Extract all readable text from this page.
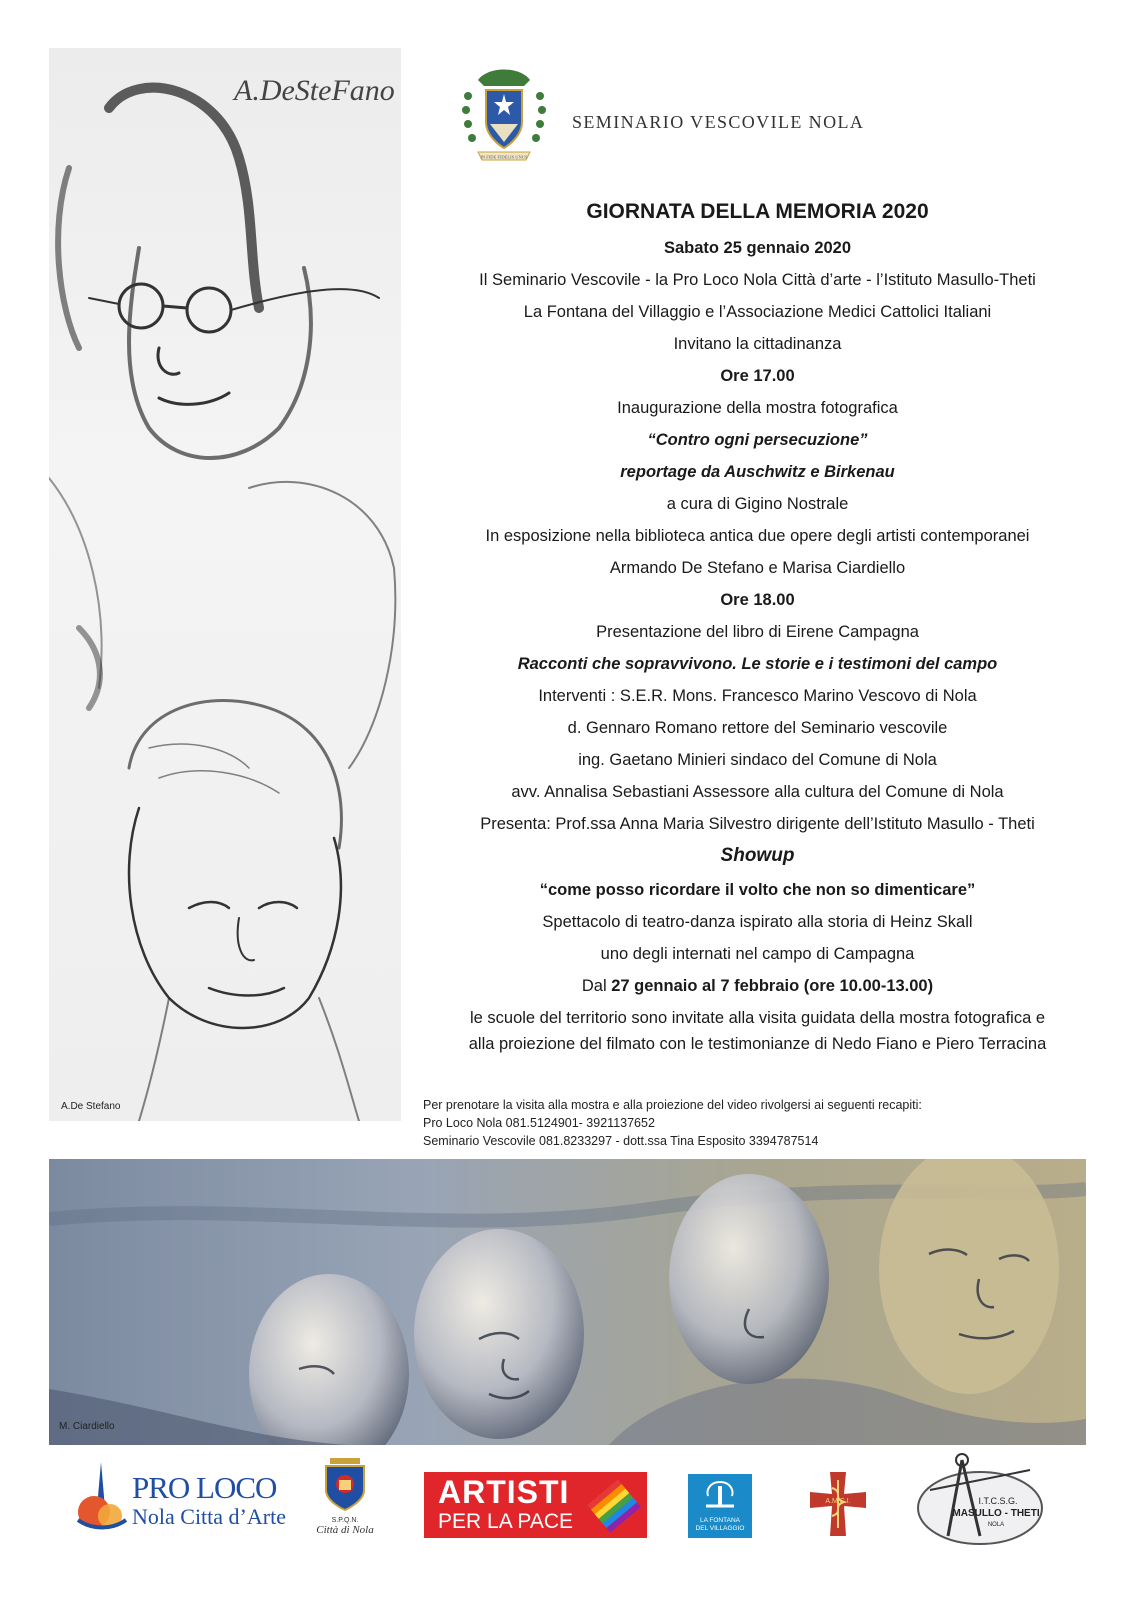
A.DeSteFano
A.De Stefano
IN FIDE FIDELIS UNUS
SEMINARIO VESCOVILE NOLA
GIORNATA DELLA MEMORIA 2020
Sabato 25 gennaio 2020
Il Seminario Vescovile - la Pro Loco Nola Città d’arte - l’Istituto Masullo-Theti
La Fontana del Villaggio e l’Associazione Medici Cattolici Italiani
Invitano la cittadinanza
Ore 17.00
Inaugurazione della mostra fotografica
“Contro ogni persecuzione”
reportage da Auschwitz e Birkenau
a cura di Gigino Nostrale
In esposizione nella biblioteca antica due opere degli artisti contemporanei
Armando De Stefano e Marisa Ciardiello
Ore 18.00
Presentazione del libro di Eirene Campagna
Racconti che sopravvivono. Le storie e i testimoni del campo
Interventi : S.E.R. Mons. Francesco Marino Vescovo di Nola
d. Gennaro Romano rettore del Seminario vescovile
ing. Gaetano Minieri sindaco del Comune di Nola
avv. Annalisa Sebastiani Assessore alla cultura del Comune di Nola
Presenta: Prof.ssa Anna Maria Silvestro dirigente dell’Istituto Masullo - Theti
Showup
“come posso ricordare il volto che non so dimenticare”
Spettacolo di teatro-danza ispirato alla storia di Heinz Skall
uno degli internati nel campo di Campagna
Dal 27 gennaio al 7 febbraio (ore 10.00-13.00)
le scuole del territorio sono invitate alla visita guidata della mostra fotografica e
alla proiezione del filmato con le testimonianze di Nedo Fiano e Piero Terracina
Per prenotare la visita alla mostra e alla proiezione del video rivolgersi ai seguenti recapiti:
Pro Loco Nola 081.5124901- 3921137652
Seminario Vescovile 081.8233297 - dott.ssa Tina Esposito 3394787514
M. Ciardiello
PRO LOCO
Nola Citta d’Arte	S.P.Q.N.
Città di Nola
ARTISTI
PER LA PACE	LA FONTANA
DEL VILLAGGIO
A.M.C.I.	I.T.C.S.G.
MASULLO - THETI
NOLA
